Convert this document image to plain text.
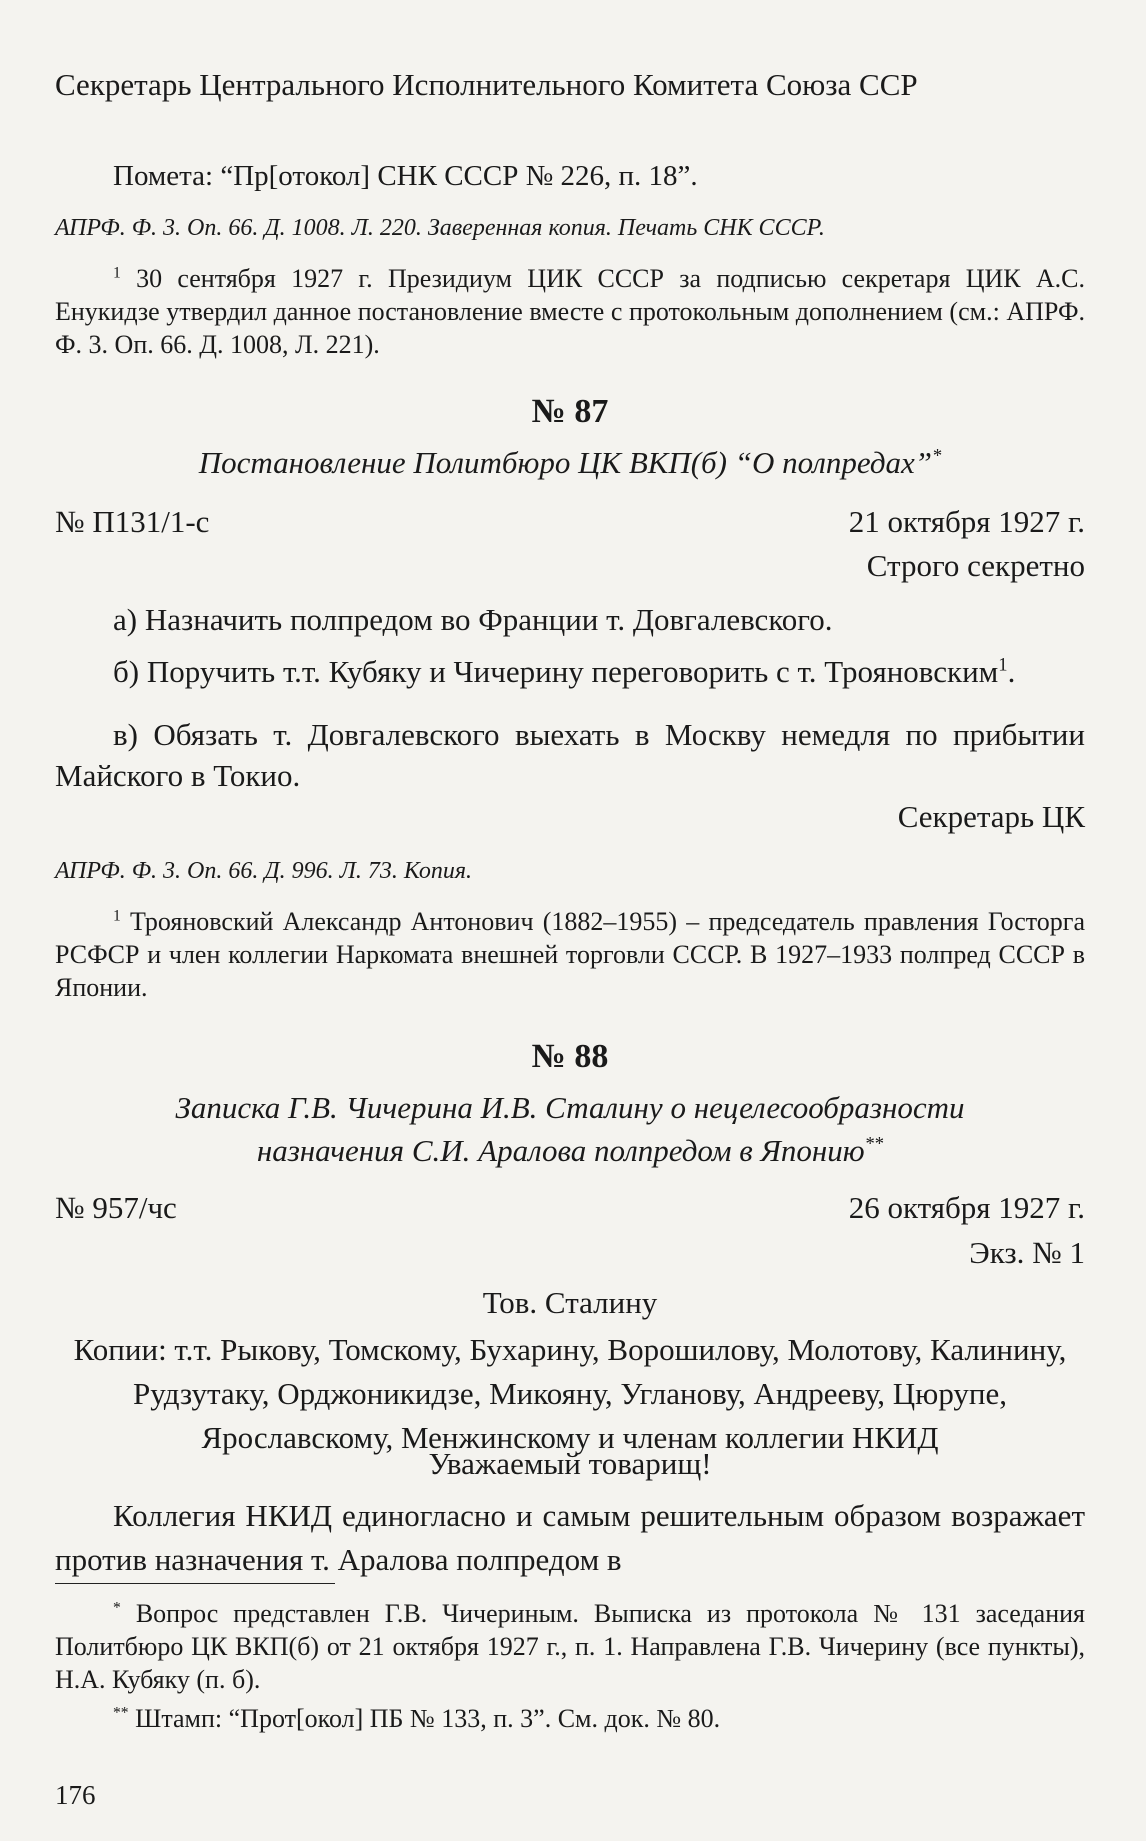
Секретарь Центрального Исполнительного Комитета Союза ССР

Помета: “Пр[отокол] СНК СССР № 226, п. 18”.

АПРФ. Ф. 3. Оп. 66. Д. 1008. Л. 220. Заверенная копия. Печать СНК СССР.

$^1$ 30 сентября 1927 г. Президиум ЦИК СССР за подписью секретаря ЦИК А.С. Енукидзе утвердил данное постановление вместе с протокольным дополнением (см.: АПРФ. Ф. 3. Оп. 66. Д. 1008, Л. 221).

№ 87

Постановление Политбюро ЦК ВКП(б) “О полпредах”*

№ П131/1-с	21 октября 1927 г.

Строго секретно

а) Назначить полпредом во Франции т. Довгалевского.

б) Поручить т.т. Кубяку и Чичерину переговорить с т. Трояновским$^1$.

в) Обязать т. Довгалевского выехать в Москву немедля по прибытии Майского в Токио.

Секретарь ЦК

АПРФ. Ф. 3. Оп. 66. Д. 996. Л. 73. Копия.

$^1$ Трояновский Александр Антонович (1882–1955) – председатель правления Госторга РСФСР и член коллегии Наркомата внешней торговли СССР. В 1927–1933 полпред СССР в Японии.

№ 88

Записка Г.В. Чичерина И.В. Сталину о нецелесообразности

назначения С.И. Аралова полпредом в Японию**

№ 957/чс	26 октября 1927 г.

Экз. № 1

Тов. Сталину

Копии: т.т. Рыкову, Томскому, Бухарину, Ворошилову, Молотову, Калинину, Рудзутаку, Орджоникидзе, Микояну, Угланову, Андрееву, Цюрупе, Ярославскому, Менжинскому и членам коллегии НКИД

Уважаемый товарищ!

Коллегия НКИД единогласно и самым решительным образом возражает против назначения т. Аралова полпредом в

* Вопрос представлен Г.В. Чичериным. Выписка из протокола № 131 заседания Политбюро ЦК ВКП(б) от 21 октября 1927 г., п. 1. Направлена Г.В. Чичерину (все пункты), Н.А. Кубяку (п. б).

** Штамп: “Прот[окол] ПБ № 133, п. 3”. См. док. № 80.

176
